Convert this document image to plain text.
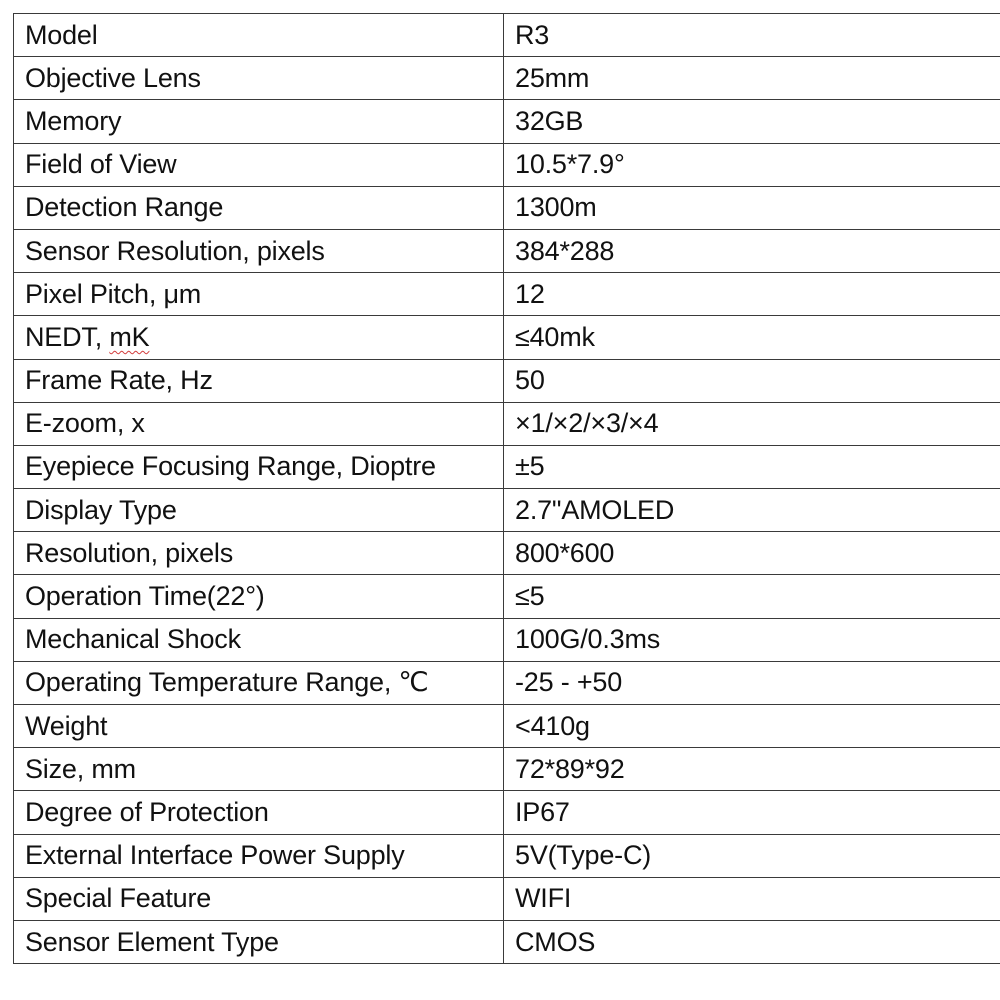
Model	R3
Objective Lens	25mm
Memory	32GB
Field of View	10.5*7.9°
Detection Range	1300m
Sensor Resolution, pixels	384*288
Pixel Pitch, μm	12
NEDT, mK	≤40mk
Frame Rate, Hz	50
E-zoom, x	×1/×2/×3/×4
Eyepiece Focusing Range, Dioptre	±5
Display Type	2.7"AMOLED
Resolution, pixels	800*600
Operation Time(22°)	≤5
Mechanical Shock	100G/0.3ms
Operating Temperature Range, ℃	-25 - +50
Weight	<410g
Size, mm	72*89*92
Degree of Protection	IP67
External Interface Power Supply	5V(Type-C)
Special Feature	WIFI
Sensor Element Type	CMOS
